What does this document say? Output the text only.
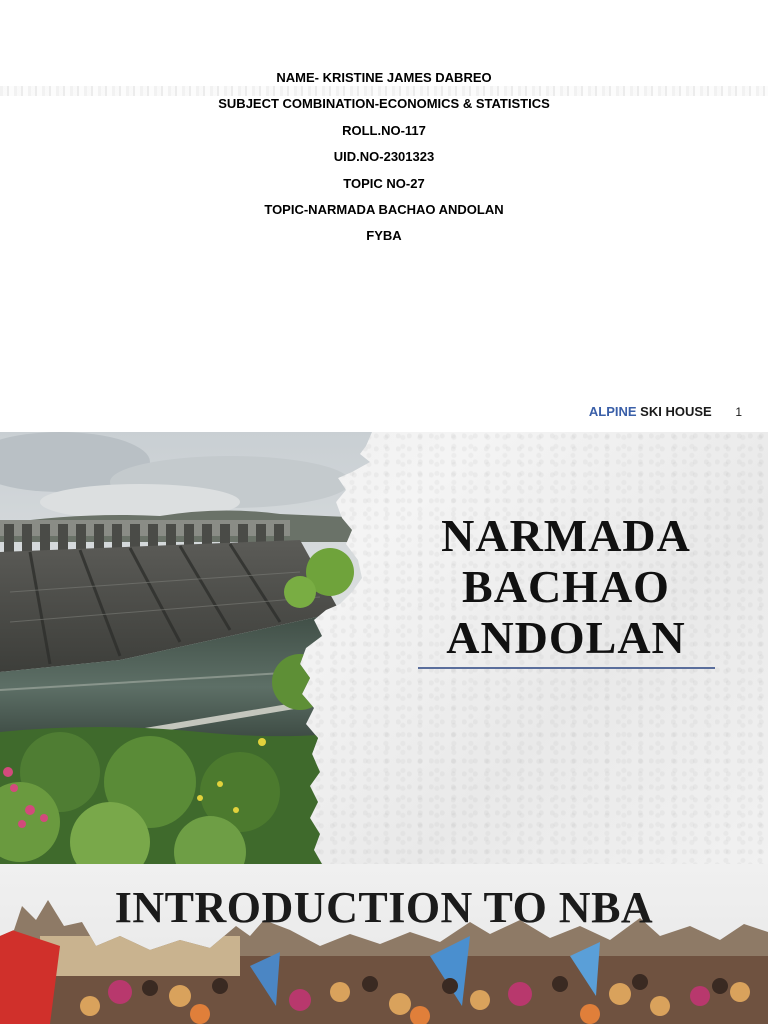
NAME- KRISTINE JAMES DABREO
SUBJECT COMBINATION-ECONOMICS & STATISTICS
ROLL.NO-117
UID.NO-2301323
TOPIC NO-27
TOPIC-NARMADA BACHAO ANDOLAN
FYBA
ALPINE SKI HOUSE 1
NARMADA
BACHAO
ANDOLAN
INTRODUCTION TO NBA
